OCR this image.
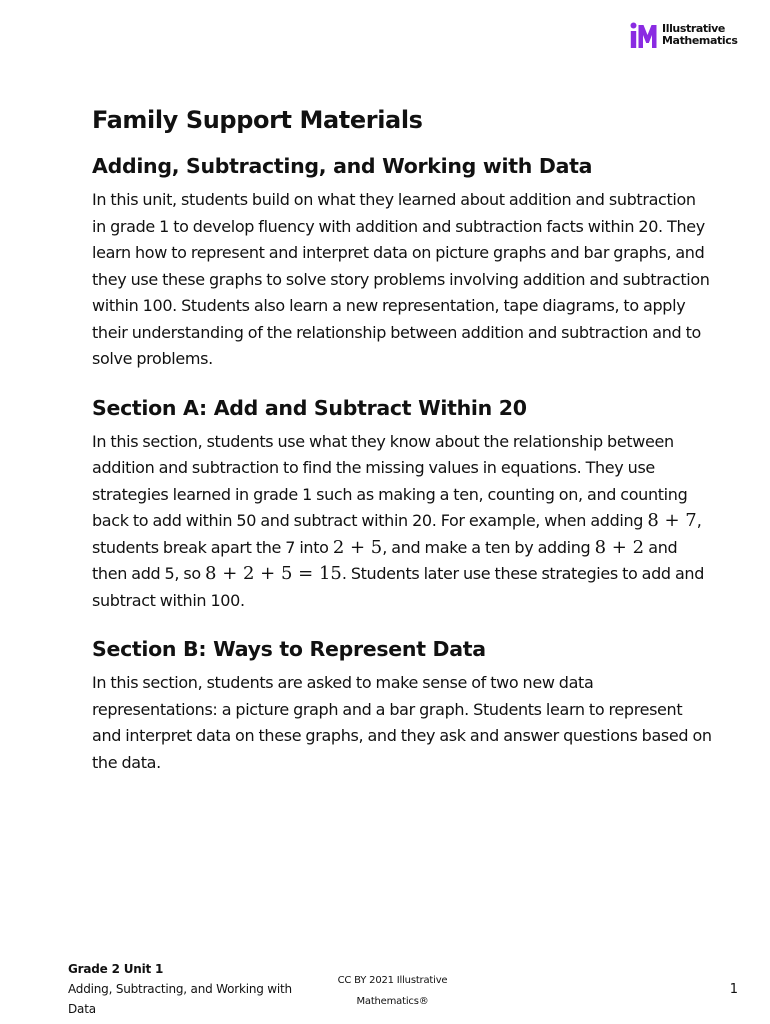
Illustrative
Mathematics
Family Support Materials
Adding, Subtracting, and Working with Data

In this unit, students build on what they learned about addition and subtraction in grade 1 to develop fluency with addition and subtraction facts within 20. They learn how to represent and interpret data on picture graphs and bar graphs, and they use these graphs to solve story problems involving addition and subtraction within 100. Students also learn a new representation, tape diagrams, to apply their understanding of the relationship between addition and subtraction and to solve problems.

Section A: Add and Subtract Within 20

In this section, students use what they know about the relationship between addition and subtraction to find the missing values in equations. They use strategies learned in grade 1 such as making a ten, counting on, and counting back to add within 50 and subtract within 20. For example, when adding 8 + 7, students break apart the 7 into 2 + 5, and make a ten by adding 8 + 2 and then add 5, so 8 + 2 + 5 = 15. Students later use these strategies to add and subtract within 100.

Section B: Ways to Represent Data

In this section, students are asked to make sense of two new data representations: a picture graph and a bar graph. Students learn to represent and interpret data on these graphs, and they ask and answer questions based on the data.

Grade 2 Unit 1
Adding, Subtracting, and Working with Data
CC BY 2021 Illustrative
Mathematics®
1
